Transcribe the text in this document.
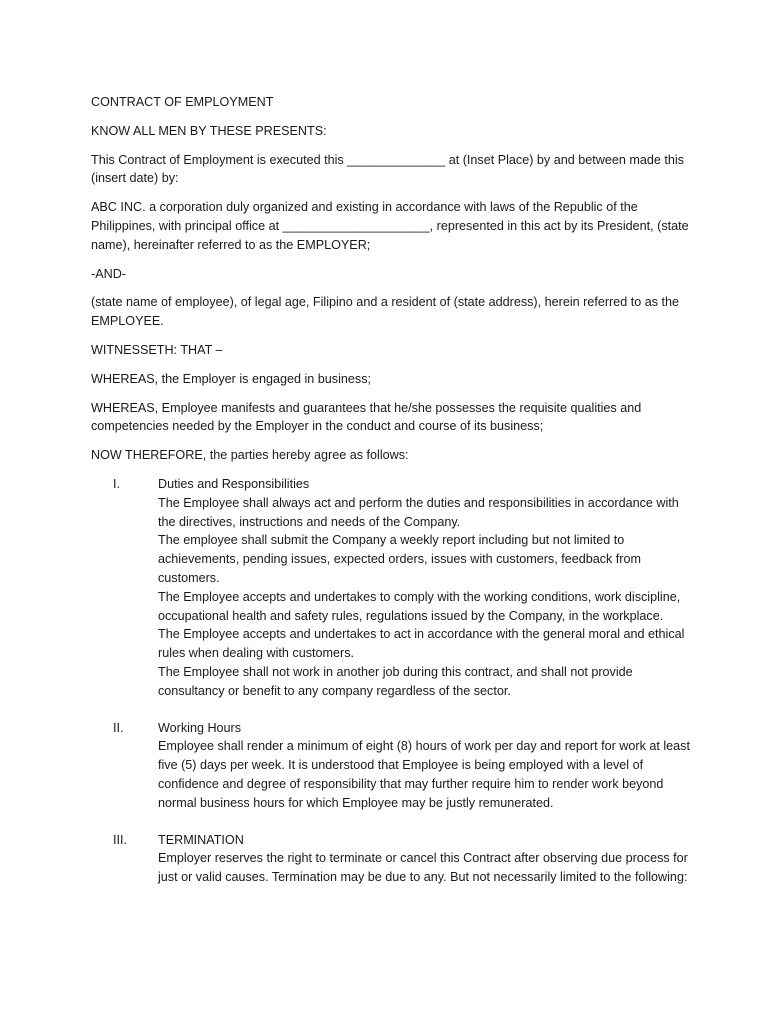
CONTRACT OF EMPLOYMENT

KNOW ALL MEN BY THESE PRESENTS:

This Contract of Employment is executed this ______________ at (Inset Place) by and between made this (insert date) by:

ABC INC. a corporation duly organized and existing in accordance with laws of the Republic of the Philippines, with principal office at _____________________, represented in this act by its President, (state name), hereinafter referred to as the EMPLOYER;

-AND-

(state name of employee), of legal age, Filipino and a resident of (state address), herein referred to as the EMPLOYEE.

WITNESSETH: THAT –

WHEREAS, the Employer is engaged in business;

WHEREAS, Employee manifests and guarantees that he/she possesses the requisite qualities and competencies needed by the Employer in the conduct and course of its business;

NOW THEREFORE, the parties hereby agree as follows:

I.	Duties and Responsibilities
The Employee shall always act and perform the duties and responsibilities in accordance with the directives, instructions and needs of the Company.
The employee shall submit the Company a weekly report including but not limited to achievements, pending issues, expected orders, issues with customers, feedback from customers.
The Employee accepts and undertakes to comply with the working conditions, work discipline, occupational health and safety rules, regulations issued by the Company, in the workplace.
The Employee accepts and undertakes to act in accordance with the general moral and ethical rules when dealing with customers.
The Employee shall not work in another job during this contract, and shall not provide consultancy or benefit to any company regardless of the sector.
II.	Working Hours
Employee shall render a minimum of eight (8) hours of work per day and report for work at least five (5) days per week. It is understood that Employee is being employed with a level of confidence and degree of responsibility that may further require him to render work beyond normal business hours for which Employee may be justly remunerated.
III.	TERMINATION
Employer reserves the right to terminate or cancel this Contract after observing due process for just or valid causes. Termination may be due to any. But not necessarily limited to the following:
